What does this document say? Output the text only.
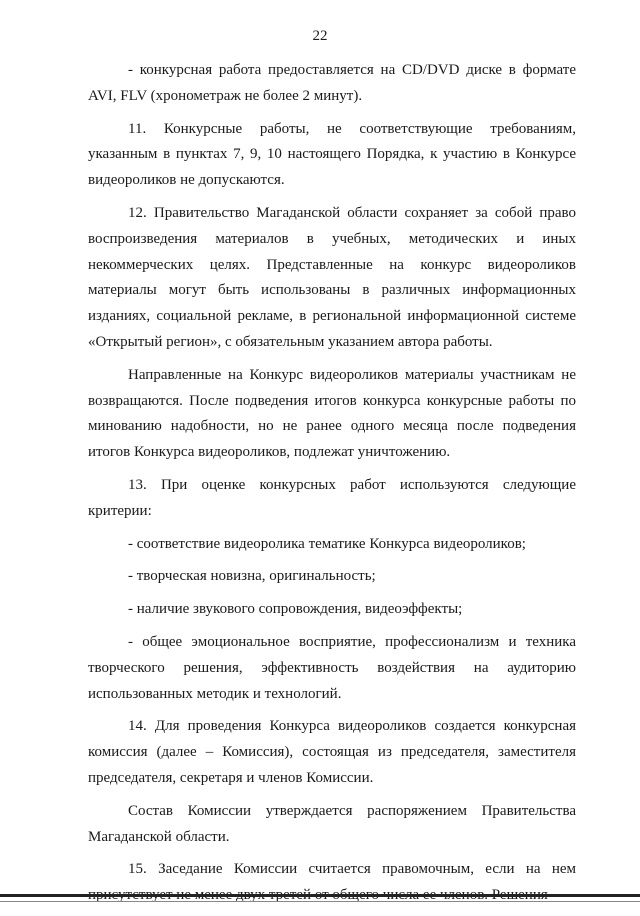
22

- конкурсная работа предоставляется на CD/DVD диске в формате AVI, FLV (хронометраж не более 2 минут).

11. Конкурсные работы, не соответствующие требованиям, указанным в пунктах 7, 9, 10 настоящего Порядка, к участию в Конкурсе видеороликов не допускаются.

12. Правительство Магаданской области сохраняет за собой право воспроизведения материалов в учебных, методических и иных некоммерческих целях. Представленные на конкурс видеороликов материалы могут быть использованы в различных информационных изданиях, социальной рекламе, в региональной информационной системе «Открытый регион», с обязательным указанием автора работы.

Направленные на Конкурс видеороликов материалы участникам не возвращаются. После подведения итогов конкурса конкурсные работы по минованию надобности, но не ранее одного месяца после подведения итогов Конкурса видеороликов, подлежат уничтожению.

13. При оценке конкурсных работ используются следующие критерии:

- соответствие видеоролика тематике Конкурса видеороликов;

- творческая новизна, оригинальность;

- наличие звукового сопровождения, видеоэффекты;

- общее эмоциональное восприятие, профессионализм и техника творческого решения, эффективность воздействия на аудиторию использованных методик и технологий.

14. Для проведения Конкурса видеороликов создается конкурсная комиссия (далее – Комиссия), состоящая из председателя, заместителя председателя, секретаря и членов Комиссии.

Состав Комиссии утверждается распоряжением Правительства Магаданской области.

15. Заседание Комиссии считается правомочным, если на нем
